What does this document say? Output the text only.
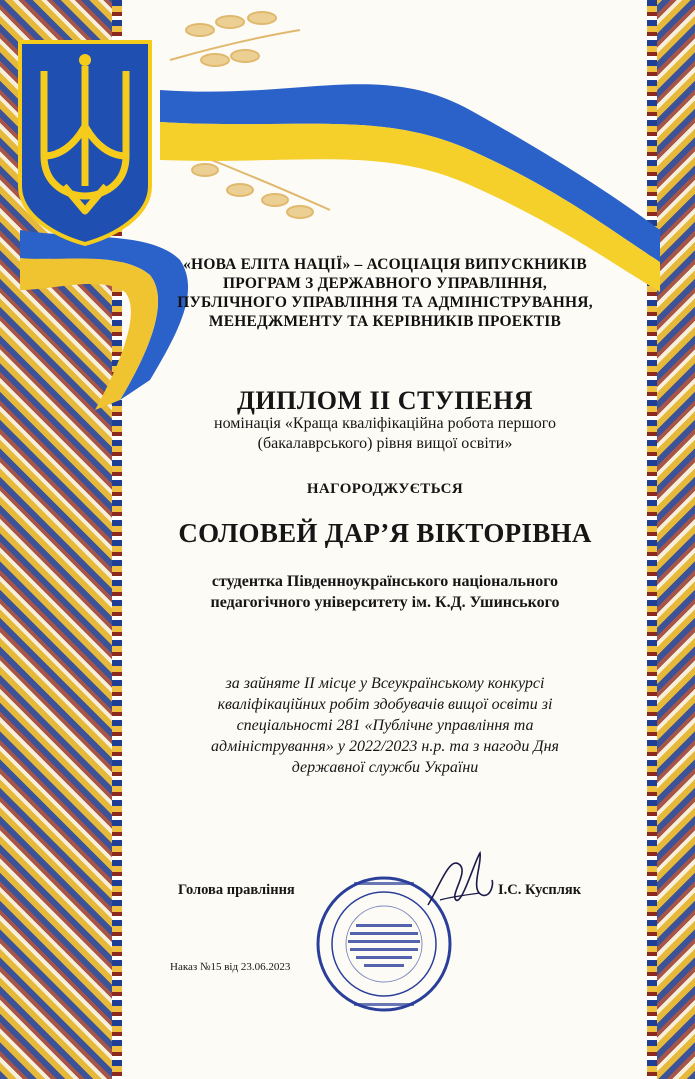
«НОВА ЕЛІТА НАЦІЇ» – АСОЦІАЦІЯ ВИПУСКНИКІВ
ПРОГРАМ З ДЕРЖАВНОГО УПРАВЛІННЯ,
ПУБЛІЧНОГО УПРАВЛІННЯ ТА АДМІНІСТРУВАННЯ,
МЕНЕДЖМЕНТУ ТА КЕРІВНИКІВ ПРОЕКТІВ
ДИПЛОМ ІІ СТУПЕНЯ
номінація «Краща кваліфікаційна робота першого
(бакалаврського) рівня вищої освіти»
НАГОРОДЖУЄТЬСЯ
СОЛОВЕЙ ДАР’Я ВІКТОРІВНА
студентка Південноукраїнського національного
педагогічного університету ім. К.Д. Ушинського
за зайняте ІІ місце у Всеукраїнському конкурсі
кваліфікаційних робіт здобувачів вищої освіти зі
спеціальності 281 «Публічне управління та
адміністрування» у 2022/2023 н.р. та з нагоди Дня
державної служби України
Голова правління	І.С. Куспляк
Наказ №15 від 23.06.2023
